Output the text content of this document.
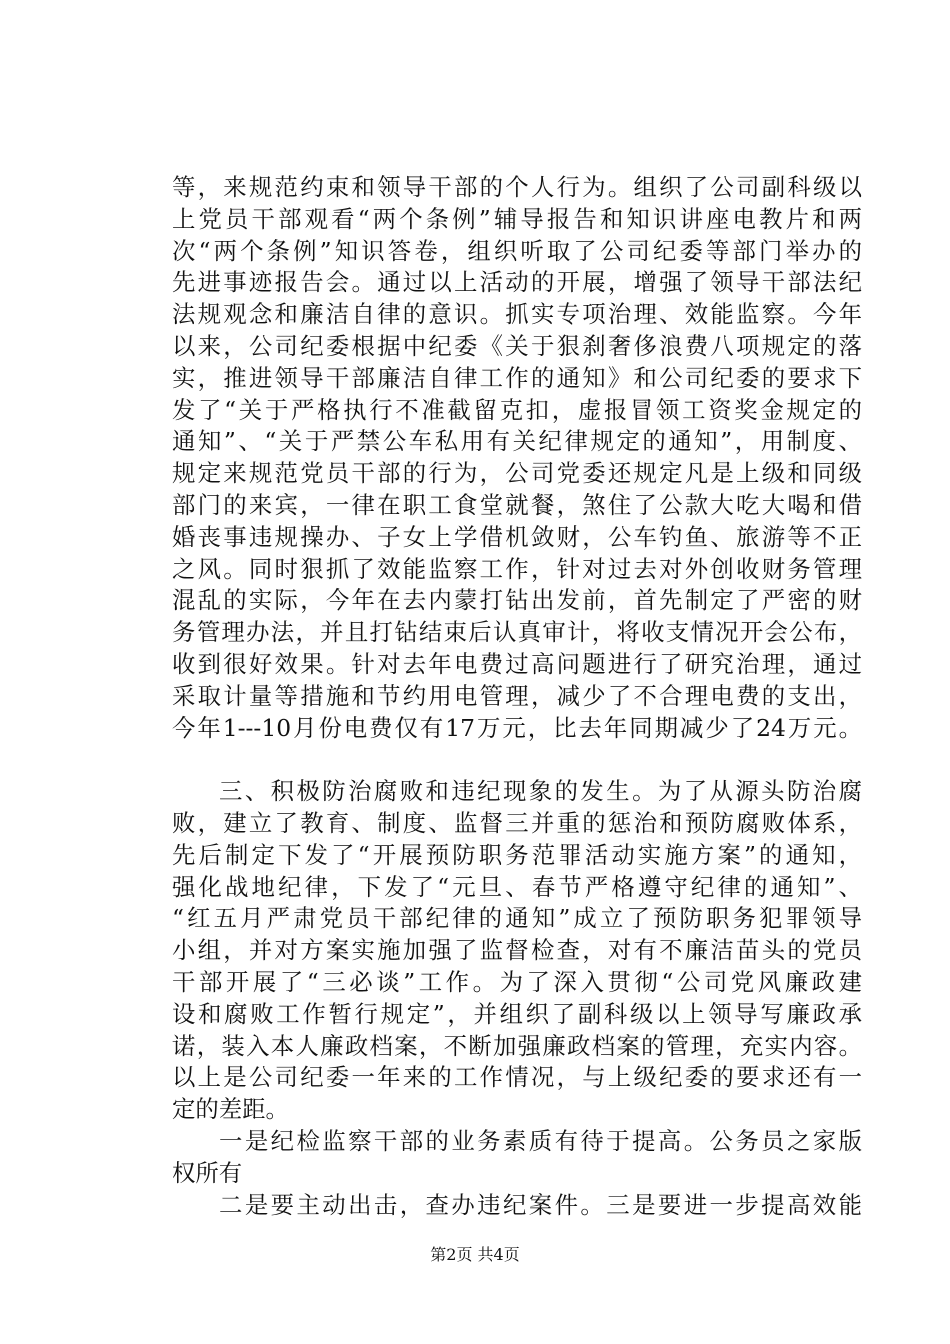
等，来规范约束和领导干部的个人行为。组织了公司副科级以
上党员干部观看“两个条例”辅导报告和知识讲座电教片和两
次“两个条例”知识答卷，组织听取了公司纪委等部门举办的
先进事迹报告会。通过以上活动的开展，增强了领导干部法纪
法规观念和廉洁自律的意识。抓实专项治理、效能监察。今年
以来，公司纪委根据中纪委《关于狠刹奢侈浪费八项规定的落
实，推进领导干部廉洁自律工作的通知》和公司纪委的要求下
发了“关于严格执行不准截留克扣，虚报冒领工资奖金规定的
通知”、“关于严禁公车私用有关纪律规定的通知”，用制度、
规定来规范党员干部的行为，公司党委还规定凡是上级和同级
部门的来宾，一律在职工食堂就餐，煞住了公款大吃大喝和借
婚丧事违规操办、子女上学借机敛财，公车钓鱼、旅游等不正
之风。同时狠抓了效能监察工作，针对过去对外创收财务管理
混乱的实际，今年在去内蒙打钻出发前，首先制定了严密的财
务管理办法，并且打钻结束后认真审计，将收支情况开会公布，
收到很好效果。针对去年电费过高问题进行了研究治理，通过
采取计量等措施和节约用电管理，减少了不合理电费的支出，
今年1---10月份电费仅有17万元，比去年同期减少了24万元。
三、积极防治腐败和违纪现象的发生。为了从源头防治腐
败，建立了教育、制度、监督三并重的惩治和预防腐败体系，
先后制定下发了“开展预防职务范罪活动实施方案”的通知，
强化战地纪律，下发了“元旦、春节严格遵守纪律的通知”、
“红五月严肃党员干部纪律的通知”成立了预防职务犯罪领导
小组，并对方案实施加强了监督检查，对有不廉洁苗头的党员
干部开展了“三必谈”工作。为了深入贯彻“公司党风廉政建
设和腐败工作暂行规定”，并组织了副科级以上领导写廉政承
诺，装入本人廉政档案，不断加强廉政档案的管理，充实内容。
以上是公司纪委一年来的工作情况，与上级纪委的要求还有一
定的差距。
一是纪检监察干部的业务素质有待于提高。公务员之家版
权所有
二是要主动出击，查办违纪案件。三是要进一步提高效能
第2页 共4页
